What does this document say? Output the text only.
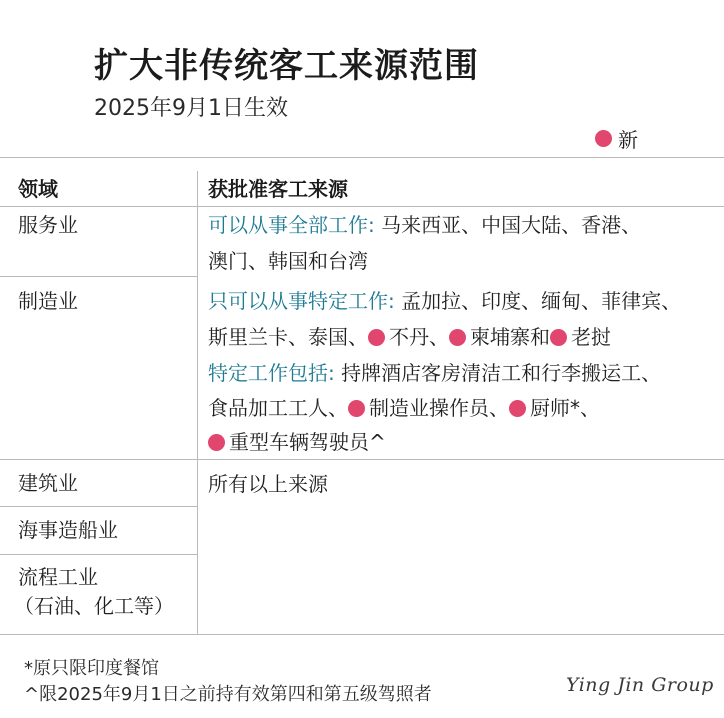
扩大非传统客工来源范围
2025年9月1日生效
新
领域	获批准客工来源
服务业
制造业
建筑业
海事造船业
流程工业
（石油、化工等）
可以从事全部工作: 马来西亚、中国大陆、香港、
澳门、韩国和台湾
只可以从事特定工作: 孟加拉、印度、缅甸、菲律宾、
斯里兰卡、泰国、 不丹、 柬埔寨和 老挝
特定工作包括: 持牌酒店客房清洁工和行李搬运工、
食品加工工人、 制造业操作员、 厨师*、
重型车辆驾驶员^
所有以上来源
*原只限印度餐馆
^限2025年9月1日之前持有效第四和第五级驾照者	Ying Jin Group
